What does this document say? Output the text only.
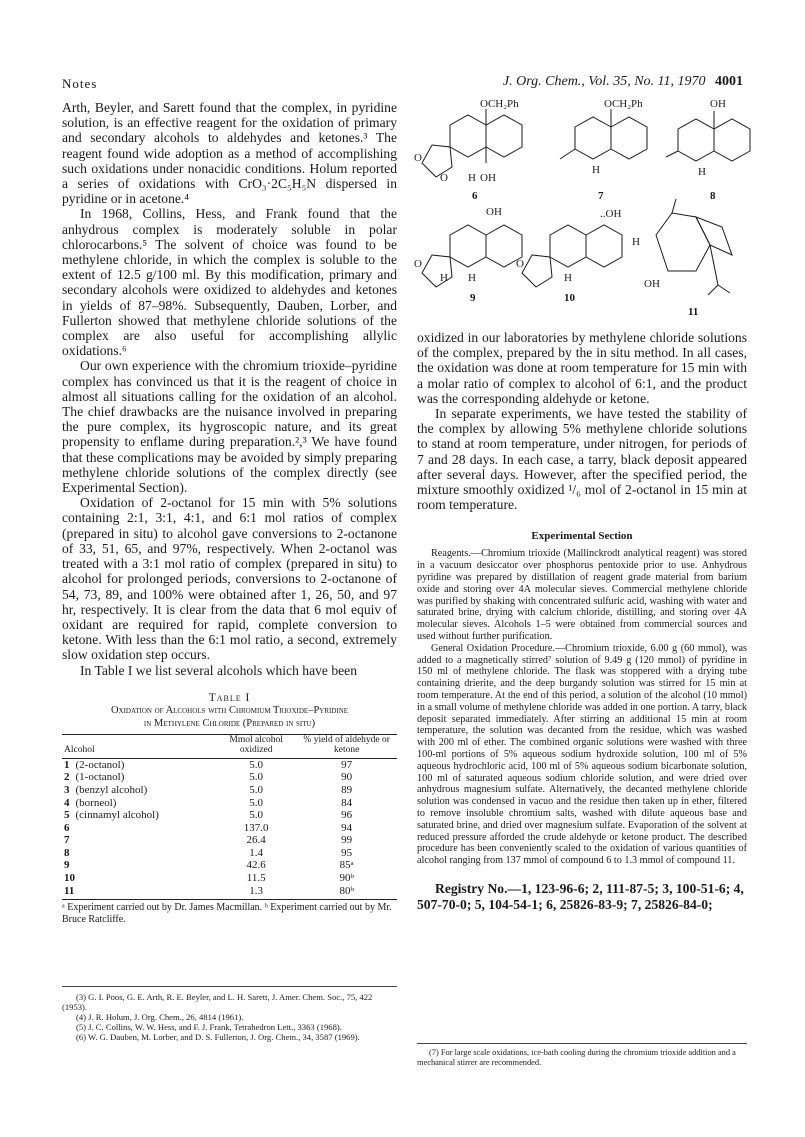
Notes	J. Org. Chem., Vol. 35, No. 11, 1970 4001

Arth, Beyler, and Sarett found that the complex, in pyridine solution, is an effective reagent for the oxidation of primary and secondary alcohols to aldehydes and ketones.³ The reagent found wide adoption as a method of accomplishing such oxidations under nonacidic conditions. Holum reported a series of oxidations with CrO₃·2C₅H₅N dispersed in pyridine or in acetone.⁴

In 1968, Collins, Hess, and Frank found that the anhydrous complex is moderately soluble in polar chlorocarbons.⁵ The solvent of choice was found to be methylene chloride, in which the complex is soluble to the extent of 12.5 g/100 ml. By this modification, primary and secondary alcohols were oxidized to aldehydes and ketones in yields of 87–98%. Subsequently, Dauben, Lorber, and Fullerton showed that methylene chloride solutions of the complex are also useful for accomplishing allylic oxidations.⁶

Our own experience with the chromium trioxide–pyridine complex has convinced us that it is the reagent of choice in almost all situations calling for the oxidation of an alcohol. The chief drawbacks are the nuisance involved in preparing the pure complex, its hygroscopic nature, and its great propensity to enflame during preparation.²,³ We have found that these complications may be avoided by simply preparing methylene chloride solutions of the complex directly (see Experimental Section).

Oxidation of 2-octanol for 15 min with 5% solutions containing 2:1, 3:1, 4:1, and 6:1 mol ratios of complex (prepared in situ) to alcohol gave conversions to 2-octanone of 33, 51, 65, and 97%, respectively. When 2-octanol was treated with a 3:1 mol ratio of complex (prepared in situ) to alcohol for prolonged periods, conversions to 2-octanone of 54, 73, 89, and 100% were obtained after 1, 26, 50, and 97 hr, respectively. It is clear from the data that 6 mol equiv of oxidant are required for rapid, complete conversion to ketone. With less than the 6:1 mol ratio, a second, extremely slow oxidation step occurs.

In Table I we list several alcohols which have been

Table I
Oxidation of Alcohols with Chromium Trioxide–Pyridine
in Methylene Chloride (Prepared in situ)
Alcohol	Mmol alcohol oxidized	% yield of aldehyde or ketone
1 (2-octanol)	5.0	97
2 (1-octanol)	5.0	90
3 (benzyl alcohol)	5.0	89
4 (borneol)	5.0	84
5 (cinnamyl alcohol)	5.0	96
6	137.0	94
7	26.4	99
8	1.4	95
9	42.6	85ᵃ
10	11.5	90ᵇ
11	1.3	80ᵇ
ᵃ Experiment carried out by Dr. James Macmillan. ᵇ Experiment carried out by Mr. Bruce Ratcliffe.
(3) G. I. Poos, G. E. Arth, R. E. Beyler, and L. H. Sarett, J. Amer. Chem. Soc., 75, 422 (1953).
(4) J. R. Holum, J. Org. Chem., 26, 4814 (1961).
(5) J. C. Collins, W. W. Hess, and F. J. Frank, Tetrahedron Lett., 3363 (1968).
(6) W. G. Dauben, M. Lorber, and D. S. Fullerton, J. Org. Chem., 34, 3587 (1969).
OCH₂Ph	OCH₂Ph	OH
OH	..OH
OH
H
OH
O
O
O	O
H
H	H
H	H
H
6	7	8
9	10
11

oxidized in our laboratories by methylene chloride solutions of the complex, prepared by the in situ method. In all cases, the oxidation was done at room temperature for 15 min with a molar ratio of complex to alcohol of 6:1, and the product was the corresponding aldehyde or ketone.

In separate experiments, we have tested the stability of the complex by allowing 5% methylene chloride solutions to stand at room temperature, under nitrogen, for periods of 7 and 28 days. In each case, a tarry, black deposit appeared after several days. However, after the specified period, the mixture smoothly oxidized ¹/₆ mol of 2-octanol in 15 min at room temperature.

Experimental Section

Reagents.—Chromium trioxide (Mallinckrodt analytical reagent) was stored in a vacuum desiccator over phosphorus pentoxide prior to use. Anhydrous pyridine was prepared by distillation of reagent grade material from barium oxide and storing over 4A molecular sieves. Commercial methylene chloride was purified by shaking with concentrated sulfuric acid, washing with water and saturated brine, drying with calcium chloride, distilling, and storing over 4A molecular sieves. Alcohols 1–5 were obtained from commercial sources and used without further purification.

General Oxidation Procedure.—Chromium trioxide, 6.00 g (60 mmol), was added to a magnetically stirred⁷ solution of 9.49 g (120 mmol) of pyridine in 150 ml of methylene chloride. The flask was stoppered with a drying tube containing drierite, and the deep burgandy solution was stirred for 15 min at room temperature. At the end of this period, a solution of the alcohol (10 mmol) in a small volume of methylene chloride was added in one portion. A tarry, black deposit separated immediately. After stirring an additional 15 min at room temperature, the solution was decanted from the residue, which was washed with 200 ml of ether. The combined organic solutions were washed with three 100-ml portions of 5% aqueous sodium hydroxide solution, 100 ml of 5% aqueous hydrochloric acid, 100 ml of 5% aqueous sodium bicarbonate solution, 100 ml of saturated aqueous sodium chloride solution, and were dried over anhydrous magnesium sulfate. Alternatively, the decanted methylene chloride solution was condensed in vacuo and the residue then taken up in ether, filtered to remove insoluble chromium salts, washed with dilute aqueous base and saturated brine, and dried over magnesium sulfate. Evaporation of the solvent at reduced pressure afforded the crude aldehyde or ketone product. The described procedure has been conveniently scaled to the oxidation of various quantities of alcohol ranging from 137 mmol of compound 6 to 1.3 mmol of compound 11.

Registry No.—1, 123-96-6; 2, 111-87-5; 3, 100-51-6; 4, 507-70-0; 5, 104-54-1; 6, 25826-83-9; 7, 25826-84-0;
(7) For large scale oxidations, ice-bath cooling during the chromium trioxide addition and a mechanical stirrer are recommended.
